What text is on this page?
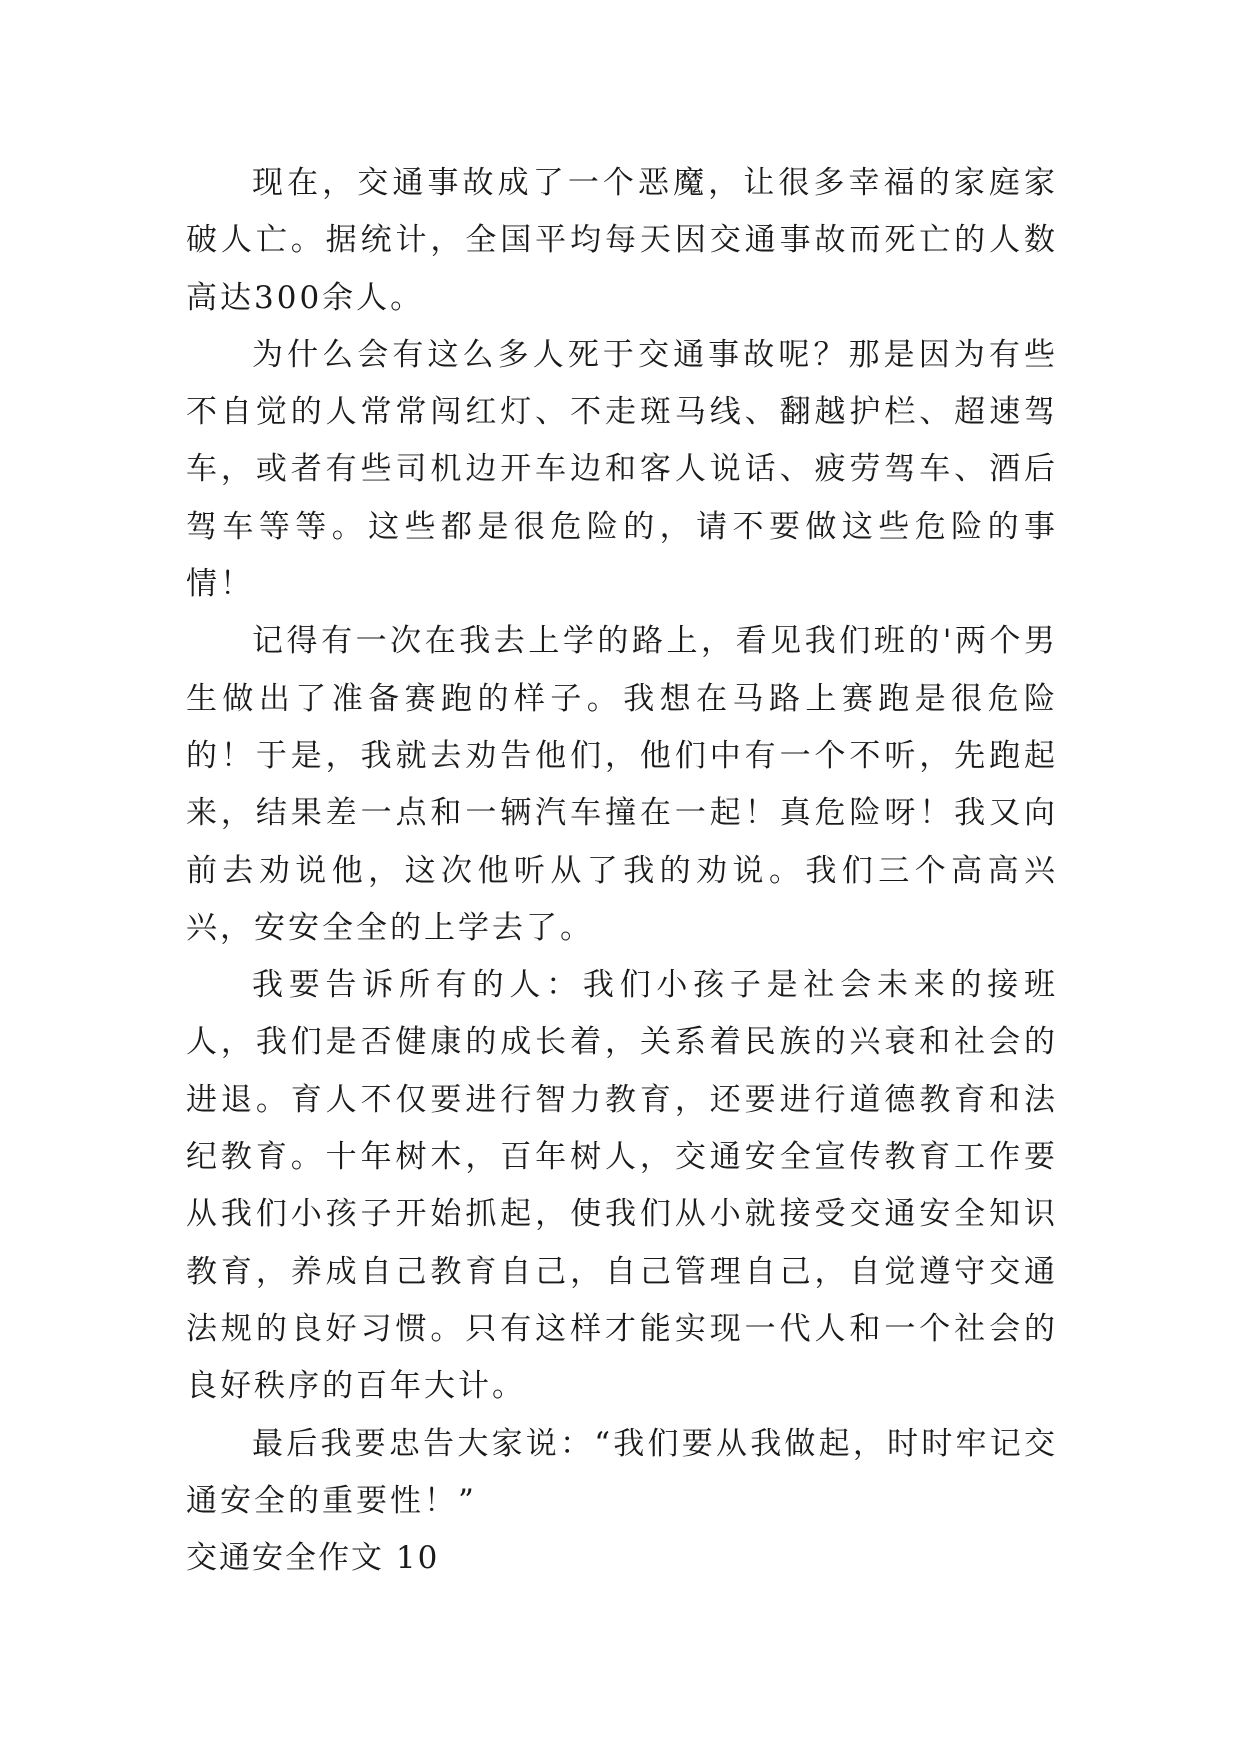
现在，交通事故成了一个恶魔，让很多幸福的家庭家破人亡。据统计，全国平均每天因交通事故而死亡的人数高达300余人。

为什么会有这么多人死于交通事故呢？那是因为有些不自觉的人常常闯红灯、不走斑马线、翻越护栏、超速驾车，或者有些司机边开车边和客人说话、疲劳驾车、酒后驾车等等。这些都是很危险的，请不要做这些危险的事情！

记得有一次在我去上学的路上，看见我们班的'两个男生做出了准备赛跑的样子。我想在马路上赛跑是很危险的！于是，我就去劝告他们，他们中有一个不听，先跑起来，结果差一点和一辆汽车撞在一起！真危险呀！我又向前去劝说他，这次他听从了我的劝说。我们三个高高兴兴，安安全全的上学去了。

我要告诉所有的人：我们小孩子是社会未来的接班人，我们是否健康的成长着，关系着民族的兴衰和社会的进退。育人不仅要进行智力教育，还要进行道德教育和法纪教育。十年树木，百年树人，交通安全宣传教育工作要从我们小孩子开始抓起，使我们从小就接受交通安全知识教育，养成自己教育自己，自己管理自己，自觉遵守交通法规的良好习惯。只有这样才能实现一代人和一个社会的良好秩序的百年大计。

最后我要忠告大家说：“我们要从我做起，时时牢记交通安全的重要性！”

交通安全作文 10
